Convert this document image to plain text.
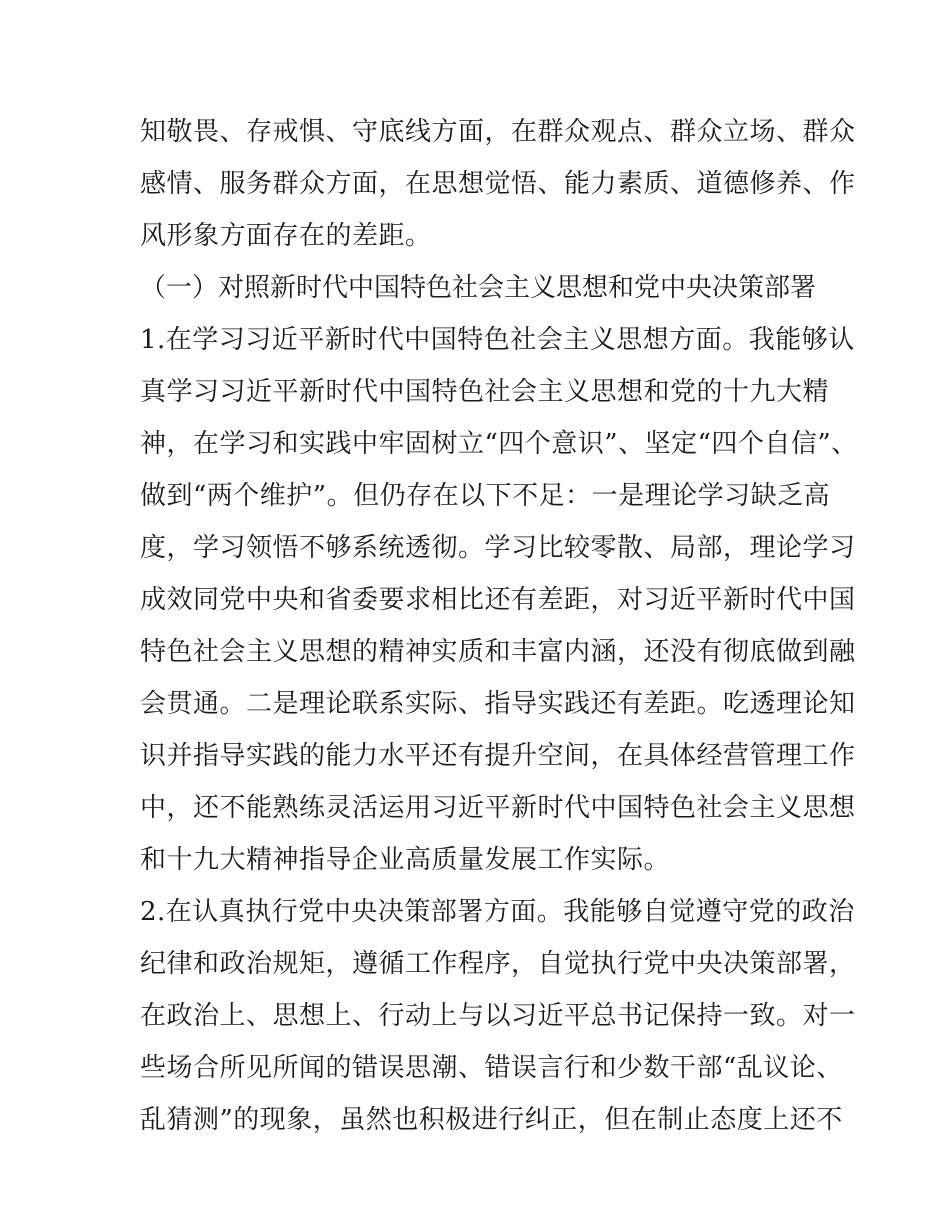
知敬畏、存戒惧、守底线方面，在群众观点、群众立场、群众
感情、服务群众方面，在思想觉悟、能力素质、道德修养、作
风形象方面存在的差距。
（一）对照新时代中国特色社会主义思想和党中央决策部署
1.在学习习近平新时代中国特色社会主义思想方面。我能够认
真学习习近平新时代中国特色社会主义思想和党的十九大精
神，在学习和实践中牢固树立“四个意识”、坚定“四个自信”、
做到“两个维护”。但仍存在以下不足：一是理论学习缺乏高
度，学习领悟不够系统透彻。学习比较零散、局部，理论学习
成效同党中央和省委要求相比还有差距，对习近平新时代中国
特色社会主义思想的精神实质和丰富内涵，还没有彻底做到融
会贯通。二是理论联系实际、指导实践还有差距。吃透理论知
识并指导实践的能力水平还有提升空间，在具体经营管理工作
中，还不能熟练灵活运用习近平新时代中国特色社会主义思想
和十九大精神指导企业高质量发展工作实际。
2.在认真执行党中央决策部署方面。我能够自觉遵守党的政治
纪律和政治规矩，遵循工作程序，自觉执行党中央决策部署，
在政治上、思想上、行动上与以习近平总书记保持一致。对一
些场合所见所闻的错误思潮、错误言行和少数干部“乱议论、
乱猜测”的现象，虽然也积极进行纠正，但在制止态度上还不
